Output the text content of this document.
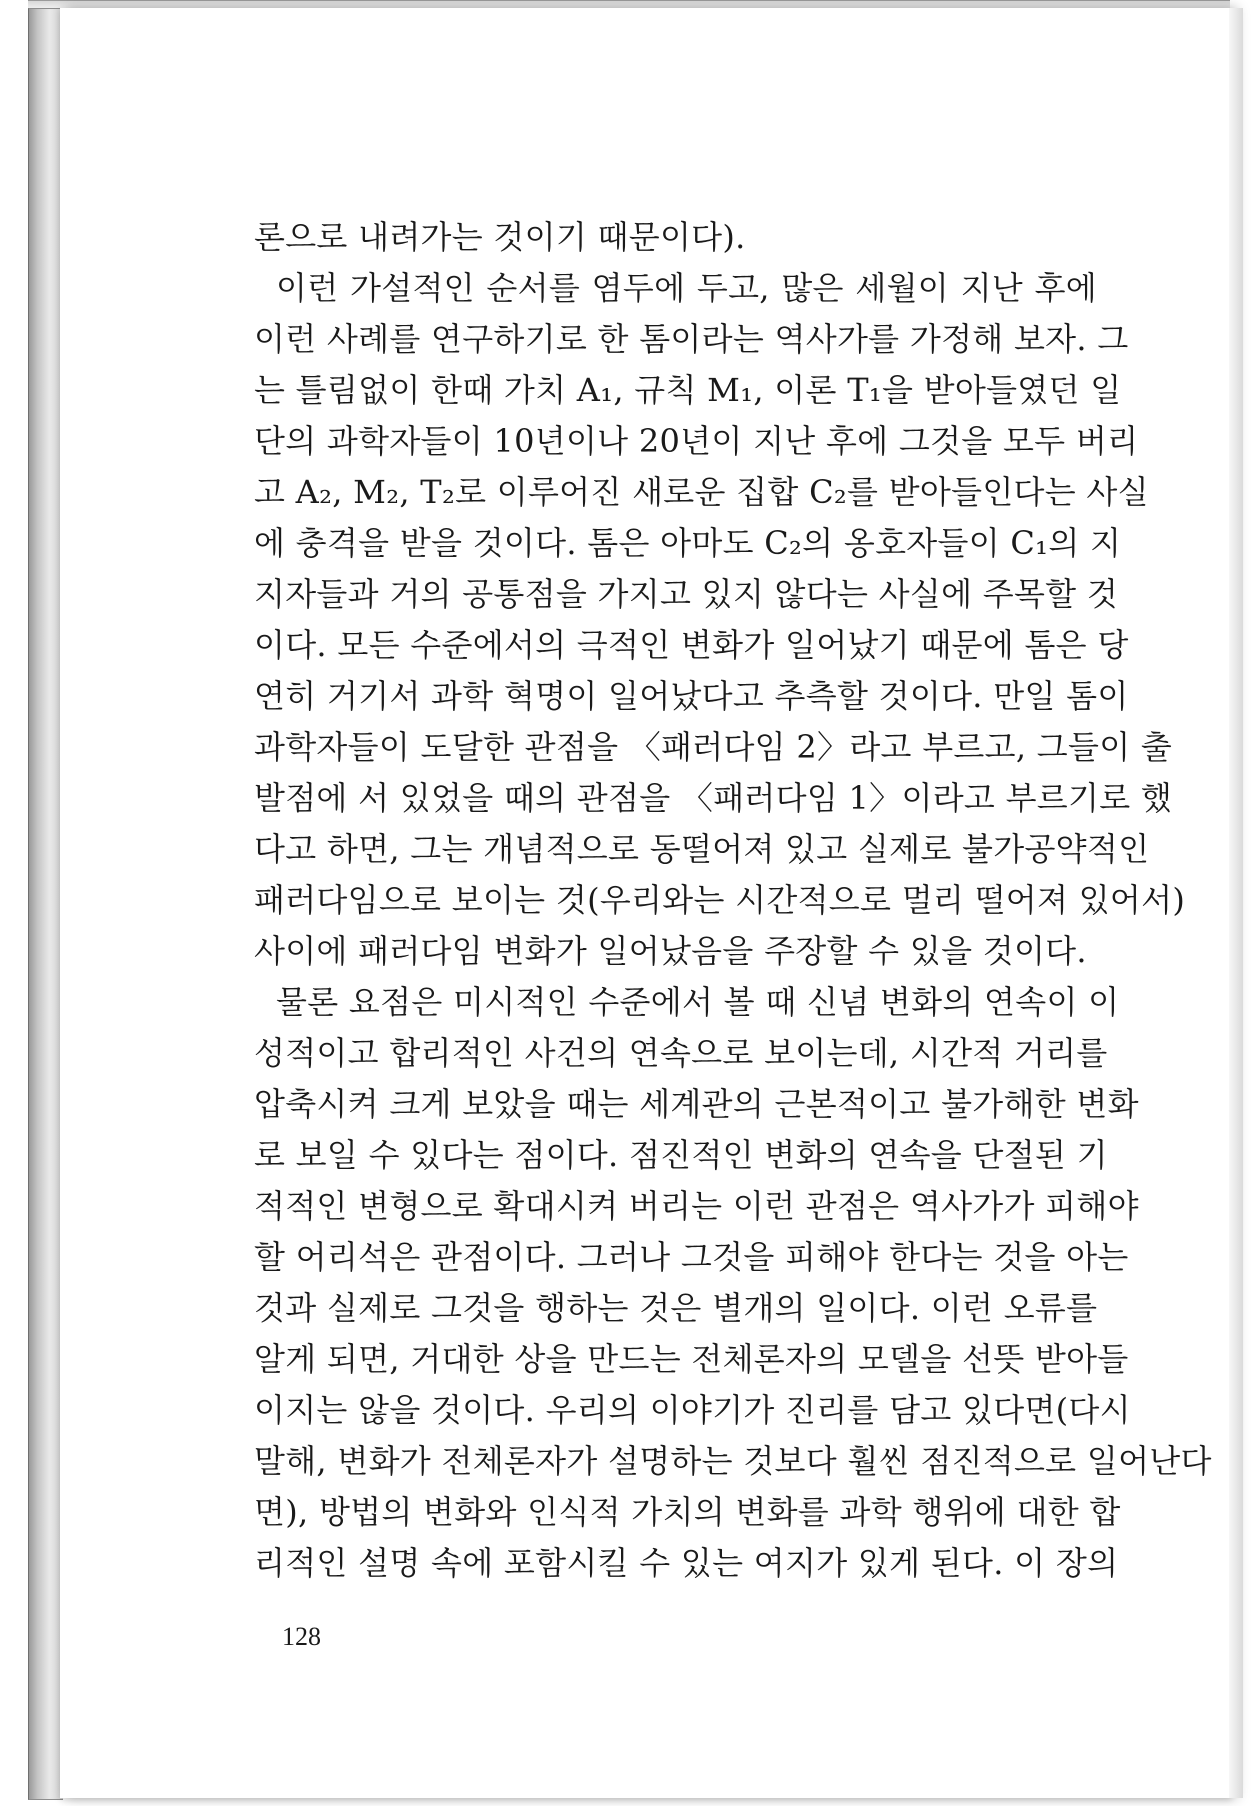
론으로 내려가는 것이기 때문이다).
이런 가설적인 순서를 염두에 두고, 많은 세월이 지난 후에
이런 사례를 연구하기로 한 톰이라는 역사가를 가정해 보자. 그
는 틀림없이 한때 가치 A₁, 규칙 M₁, 이론 T₁을 받아들였던 일
단의 과학자들이 10년이나 20년이 지난 후에 그것을 모두 버리
고 A₂, M₂, T₂로 이루어진 새로운 집합 C₂를 받아들인다는 사실
에 충격을 받을 것이다. 톰은 아마도 C₂의 옹호자들이 C₁의 지
지자들과 거의 공통점을 가지고 있지 않다는 사실에 주목할 것
이다. 모든 수준에서의 극적인 변화가 일어났기 때문에 톰은 당
연히 거기서 과학 혁명이 일어났다고 추측할 것이다. 만일 톰이
과학자들이 도달한 관점을 〈패러다임 2〉라고 부르고, 그들이 출
발점에 서 있었을 때의 관점을 〈패러다임 1〉이라고 부르기로 했
다고 하면, 그는 개념적으로 동떨어져 있고 실제로 불가공약적인
패러다임으로 보이는 것(우리와는 시간적으로 멀리 떨어져 있어서)
사이에 패러다임 변화가 일어났음을 주장할 수 있을 것이다.
물론 요점은 미시적인 수준에서 볼 때 신념 변화의 연속이 이
성적이고 합리적인 사건의 연속으로 보이는데, 시간적 거리를
압축시켜 크게 보았을 때는 세계관의 근본적이고 불가해한 변화
로 보일 수 있다는 점이다. 점진적인 변화의 연속을 단절된 기
적적인 변형으로 확대시켜 버리는 이런 관점은 역사가가 피해야
할 어리석은 관점이다. 그러나 그것을 피해야 한다는 것을 아는
것과 실제로 그것을 행하는 것은 별개의 일이다. 이런 오류를
알게 되면, 거대한 상을 만드는 전체론자의 모델을 선뜻 받아들
이지는 않을 것이다. 우리의 이야기가 진리를 담고 있다면(다시
말해, 변화가 전체론자가 설명하는 것보다 훨씬 점진적으로 일어난다
면), 방법의 변화와 인식적 가치의 변화를 과학 행위에 대한 합
리적인 설명 속에 포함시킬 수 있는 여지가 있게 된다. 이 장의

128
